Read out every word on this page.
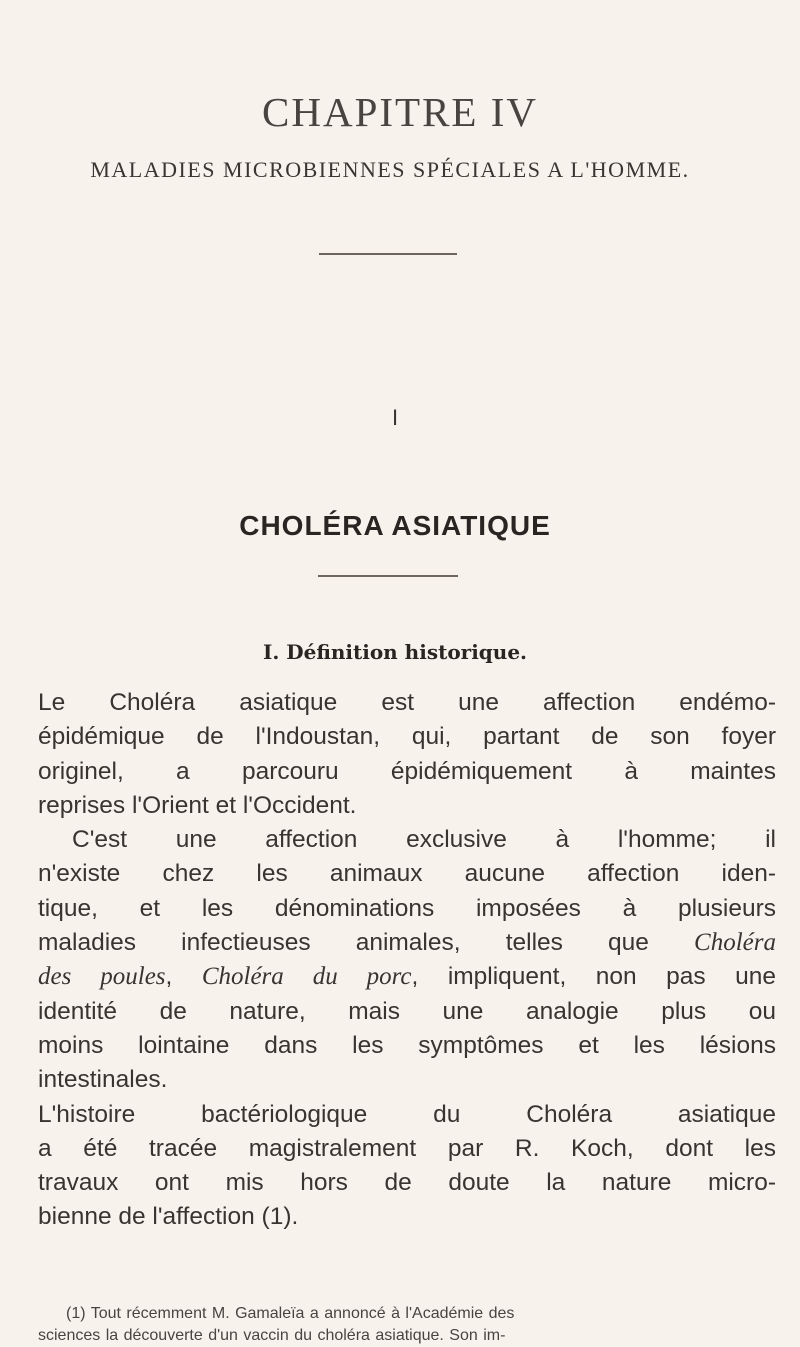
CHAPITRE IV
MALADIES MICROBIENNES SPÉCIALES A L'HOMME.
I
CHOLÉRA ASIATIQUE
I. Définition historique.
Le Choléra asiatique est une affection endémo-
épidémique de l'Indoustan, qui, partant de son foyer
originel, a parcouru épidémiquement à maintes
reprises l'Orient et l'Occident.
C'est une affection exclusive à l'homme; il
n'existe chez les animaux aucune affection iden-
tique, et les dénominations imposées à plusieurs
maladies infectieuses animales, telles que Choléra
des poules, Choléra du porc, impliquent, non pas une
identité de nature, mais une analogie plus ou
moins lointaine dans les symptômes et les lésions
intestinales.
L'histoire bactériologique du Choléra asiatique
a été tracée magistralement par R. Koch, dont les
travaux ont mis hors de doute la nature micro-
bienne de l'affection (1).
(1) Tout récemment M. Gamaleïa a annoncé à l'Académie des
sciences la découverte d'un vaccin du choléra asiatique. Son im-
